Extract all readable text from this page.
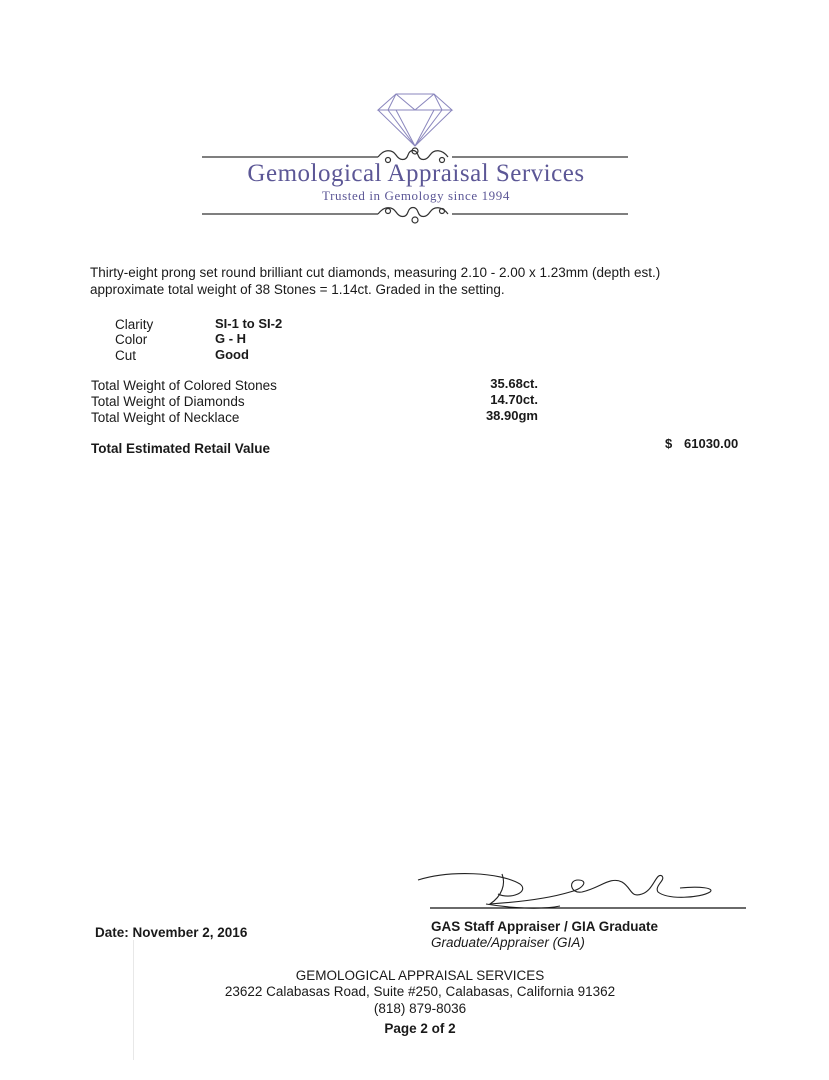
Gemological Appraisal Services
Trusted in Gemology since 1994
Thirty-eight prong set round brilliant cut diamonds, measuring 2.10 - 2.00 x 1.23mm (depth est.)
approximate total weight of 38 Stones = 1.14ct. Graded in the setting.
Clarity	SI-1 to SI-2
Color	G - H
Cut	Good
Total Weight of Colored Stones	35.68ct.
Total Weight of Diamonds	14.70ct.
Total Weight of Necklace	38.90gm
Total Estimated Retail Value	$ 61030.00
Date: November 2, 2016	GAS Staff Appraiser / GIA Graduate
Graduate/Appraiser (GIA)
GEMOLOGICAL APPRAISAL SERVICES
23622 Calabasas Road, Suite #250, Calabasas, California 91362
(818) 879-8036
Page 2 of 2
